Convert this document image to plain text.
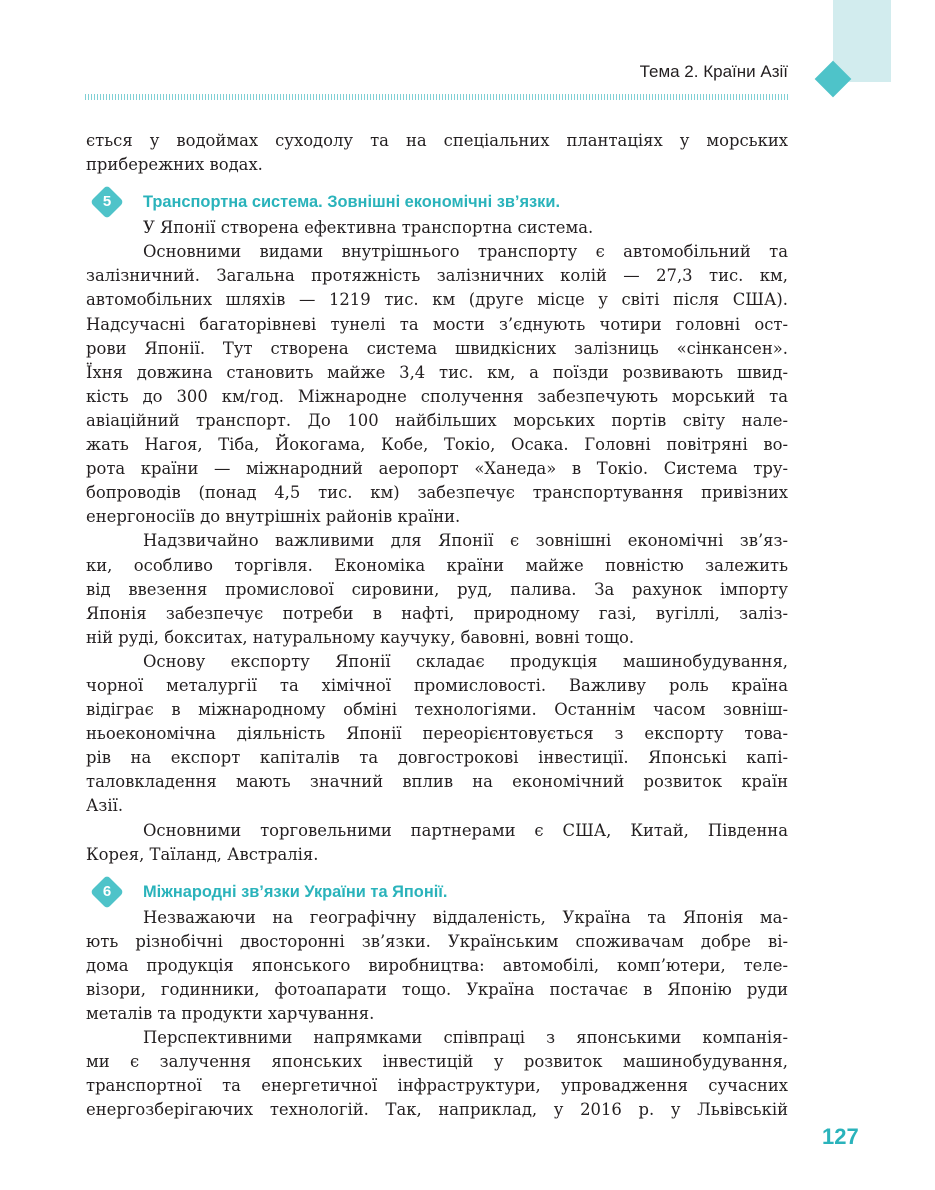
Тема 2. Країни Азії
ється у водоймах суходолу та на спеціальних плантаціях у морських
прибережних водах.
5	Транспортна система. Зовнішні економічні зв’язки.
У Японії створена ефективна транспортна система.
Основними видами внутрішнього транспорту є автомобільний та
залізничний. Загальна протяжність залізничних колій — 27,3 тис. км,
автомобільних шляхів — 1219 тис. км (друге місце у світі після США).
Надсучасні багаторівневі тунелі та мости з’єднують чотири головні ост-
рови Японії. Тут створена система швидкісних залізниць «сінкансен».
Їхня довжина становить майже 3,4 тис. км, а поїзди розвивають швид-
кість до 300 км/год. Міжнародне сполучення забезпечують морський та
авіаційний транспорт. До 100 найбільших морських портів світу нале-
жать Нагоя, Тіба, Йокогама, Кобе, Токіо, Осака. Головні повітряні во-
рота країни — міжнародний аеропорт «Ханеда» в Токіо. Система тру-
бопроводів (понад 4,5 тис. км) забезпечує транспортування привізних
енергоносіїв до внутрішніх районів країни.
Надзвичайно важливими для Японії є зовнішні економічні зв’яз-
ки, особливо торгівля. Економіка країни майже повністю залежить
від ввезення промислової сировини, руд, палива. За рахунок імпорту
Японія забезпечує потреби в нафті, природному газі, вугіллі, заліз-
ній руді, бокситах, натуральному каучуку, бавовні, вовні тощо.
Основу експорту Японії складає продукція машинобудування,
чорної металургії та хімічної промисловості. Важливу роль країна
відіграє в міжнародному обміні технологіями. Останнім часом зовніш-
ньоекономічна діяльність Японії переорієнтовується з експорту това-
рів на експорт капіталів та довгострокові інвестиції. Японські капі-
таловкладення мають значний вплив на економічний розвиток країн
Азії.
Основними торговельними партнерами є США, Китай, Південна
Корея, Таїланд, Австралія.
6	Міжнародні зв’язки України та Японії.
Незважаючи на географічну віддаленість, Україна та Японія ма-
ють різнобічні двосторонні зв’язки. Українським споживачам добре ві-
дома продукція японського виробництва: автомобілі, комп’ютери, теле-
візори, годинники, фотоапарати тощо. Україна постачає в Японію руди
металів та продукти харчування.
Перспективними напрямками співпраці з японськими компанія-
ми є залучення японських інвестицій у розвиток машинобудування,
транспортної та енергетичної інфраструктури, упровадження сучасних
енергозберігаючих технологій. Так, наприклад, у 2016 р. у Львівській
127
